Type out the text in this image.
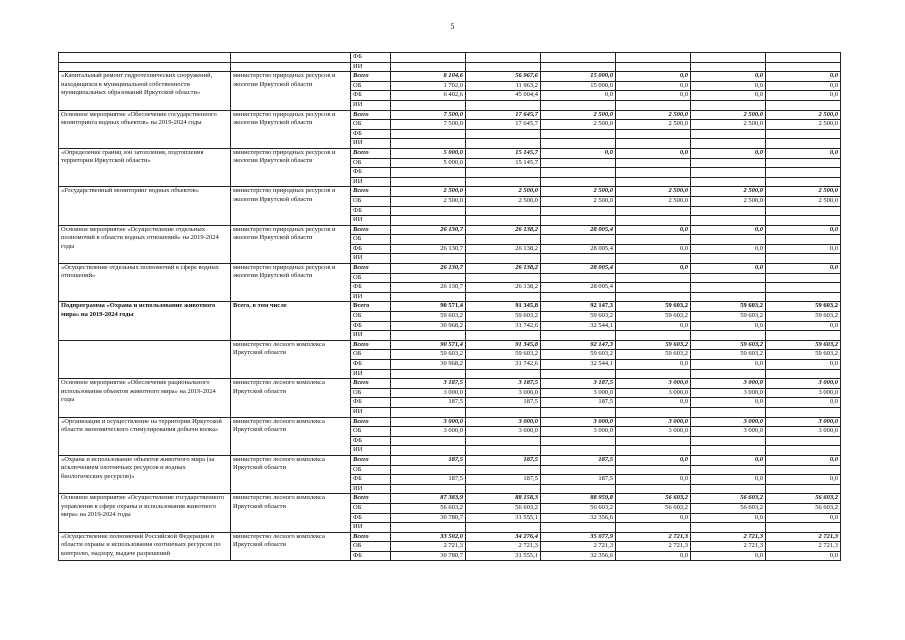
5
		ФБ						
		ИИ						
«Капитальный ремонт гидротехнических сооружений, находящихся в муниципальной собственности муниципальных образований Иркутской области»	министерство природных ресурсов и экологии Иркутской области	Всего	8 104,6	56 967,6	15 000,0	0,0	0,0	0,0
		ОБ	1 702,0	11 963,2	15 000,0	0,0	0,0	0,0
		ФБ	6 402,6	45 004,4	0,0	0,0	0,0	0,0
		ИИ						
Основное мероприятие «Обеспечение государственного мониторинга водных объектов» на 2019-2024 годы	министерство природных ресурсов и экологии Иркутской области	Всего	7 500,0	17 645,7	2 500,0	2 500,0	2 500,0	2 500,0
		ОБ	7 500,0	17 645,7	2 500,0	2 500,0	2 500,0	2 500,0
		ФБ						
		ИИ						
«Определение границ зон затопления, подтопления территории Иркутской области»	министерство природных ресурсов и экологии Иркутской области	Всего	5 000,0	15 145,7	0,0	0,0	0,0	0,0
		ОБ	5 000,0	15 145,7				
		ФБ						
		ИИ						
«Государственный мониторинг водных объектов»	министерство природных ресурсов и экологии Иркутской области	Всего	2 500,0	2 500,0	2 500,0	2 500,0	2 500,0	2 500,0
		ОБ	2 500,0	2 500,0	2 500,0	2 500,0	2 500,0	2 500,0
		ФБ						
		ИИ						
Основное мероприятие «Осуществление отдельных полномочий в области водных отношений» на 2019-2024 годы	министерство природных ресурсов и экологии Иркутской области	Всего	26 130,7	26 138,2	28 005,4	0,0	0,0	0,0
		ОБ						
		ФБ	26 130,7	26 138,2	28 005,4	0,0	0,0	0,0
		ИИ						
«Осуществление отдельных полномочий в сфере водных отношений»	министерство природных ресурсов и экологии Иркутской области	Всего	26 130,7	26 138,2	28 005,4	0,0	0,0	0,0
		ОБ						
		ФБ	26 130,7	26 138,2	28 005,4			
		ИИ						
Подпрограмма «Охрана и использование животного мира» на 2019-2024 годы	Всего, в том числе	Всего	90 571,4	91 345,8	92 147,3	59 603,2	59 603,2	59 603,2
		ОБ	59 603,2	59 603,2	59 603,2	59 603,2	59 603,2	59 603,2
		ФБ	30 968,2	31 742,6	32 544,1	0,0	0,0	0,0
		ИИ						
	министерство лесного комплекса Иркутской области	Всего	90 571,4	91 345,8	92 147,3	59 603,2	59 603,2	59 603,2
		ОБ	59 603,2	59 603,2	59 603,2	59 603,2	59 603,2	59 603,2
		ФБ	30 968,2	31 742,6	32 544,1	0,0	0,0	0,0
		ИИ						
Основное мероприятие «Обеспечение рационального использования объектов животного мира» на 2019-2024 годы	министерство лесного комплекса Иркутской области	Всего	3 187,5	3 187,5	3 187,5	3 000,0	3 000,0	3 000,0
		ОБ	3 000,0	3 000,0	3 000,0	3 000,0	3 000,0	3 000,0
		ФБ	187,5	187,5	187,5	0,0	0,0	0,0
		ИИ						
«Организация и осуществление на территории Иркутской области экономического стимулирования добычи волка»	министерство лесного комплекса Иркутской области	Всего	3 000,0	3 000,0	3 000,0	3 000,0	3 000,0	3 000,0
		ОБ	3 000,0	3 000,0	3 000,0	3 000,0	3 000,0	3 000,0
		ФБ						
		ИИ						
«Охрана и использование объектов животного мира (за исключением охотничьих ресурсов и водных биологических ресурсов)»	министерство лесного комплекса Иркутской области	Всего	187,5	187,5	187,5	0,0	0,0	0,0
		ОБ						
		ФБ	187,5	187,5	187,5	0,0	0,0	0,0
		ИИ						
Основное мероприятие «Осуществление государственного управления в сфере охраны и использования животного мира» на 2019-2024 годы	министерство лесного комплекса Иркутской области	Всего	87 383,9	88 158,3	88 959,8	56 603,2	56 603,2	56 603,2
		ОБ	56 603,2	56 603,2	56 603,2	56 603,2	56 603,2	56 603,2
		ФБ	30 780,7	31 555,1	32 356,6	0,0	0,0	0,0
		ИИ						
«Осуществление полномочий Российской Федерации в области охраны и использования охотничьих ресурсов по контролю, надзору, выдаче разрешений	министерство лесного комплекса Иркутской области	Всего	33 502,0	34 276,4	35 077,9	2 721,3	2 721,3	2 721,3
		ОБ	2 721,3	2 721,3	2 721,3	2 721,3	2 721,3	2 721,3
		ФБ	30 780,7	31 555,1	32 356,6	0,0	0,0	0,0
